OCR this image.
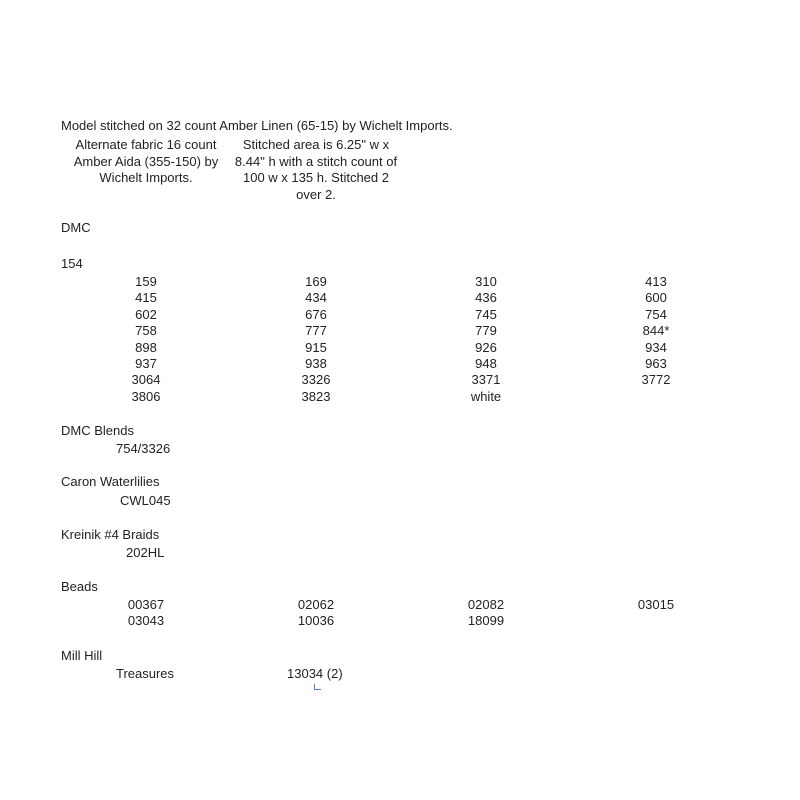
Model stitched on 32 count Amber Linen (65-15) by Wichelt Imports.
Alternate fabric 16 count Amber Aida (355-150) by Wichelt Imports.
Stitched area is 6.25" w x 8.44" h with a stitch count of 100 w x 135 h. Stitched 2 over 2.
DMC
154
159	169	310	413
415	434	436	600
602	676	745	754
758	777	779	844*
898	915	926	934
937	938	948	963
3064	3326	3371	3772
3806	3823	white
DMC Blends
754/3326
Caron Waterlilies
CWL045
Kreinik #4 Braids
202HL
Beads
00367	02062	02082	03015
03043	10036	18099
Mill Hill
Treasures	13034 (2)
